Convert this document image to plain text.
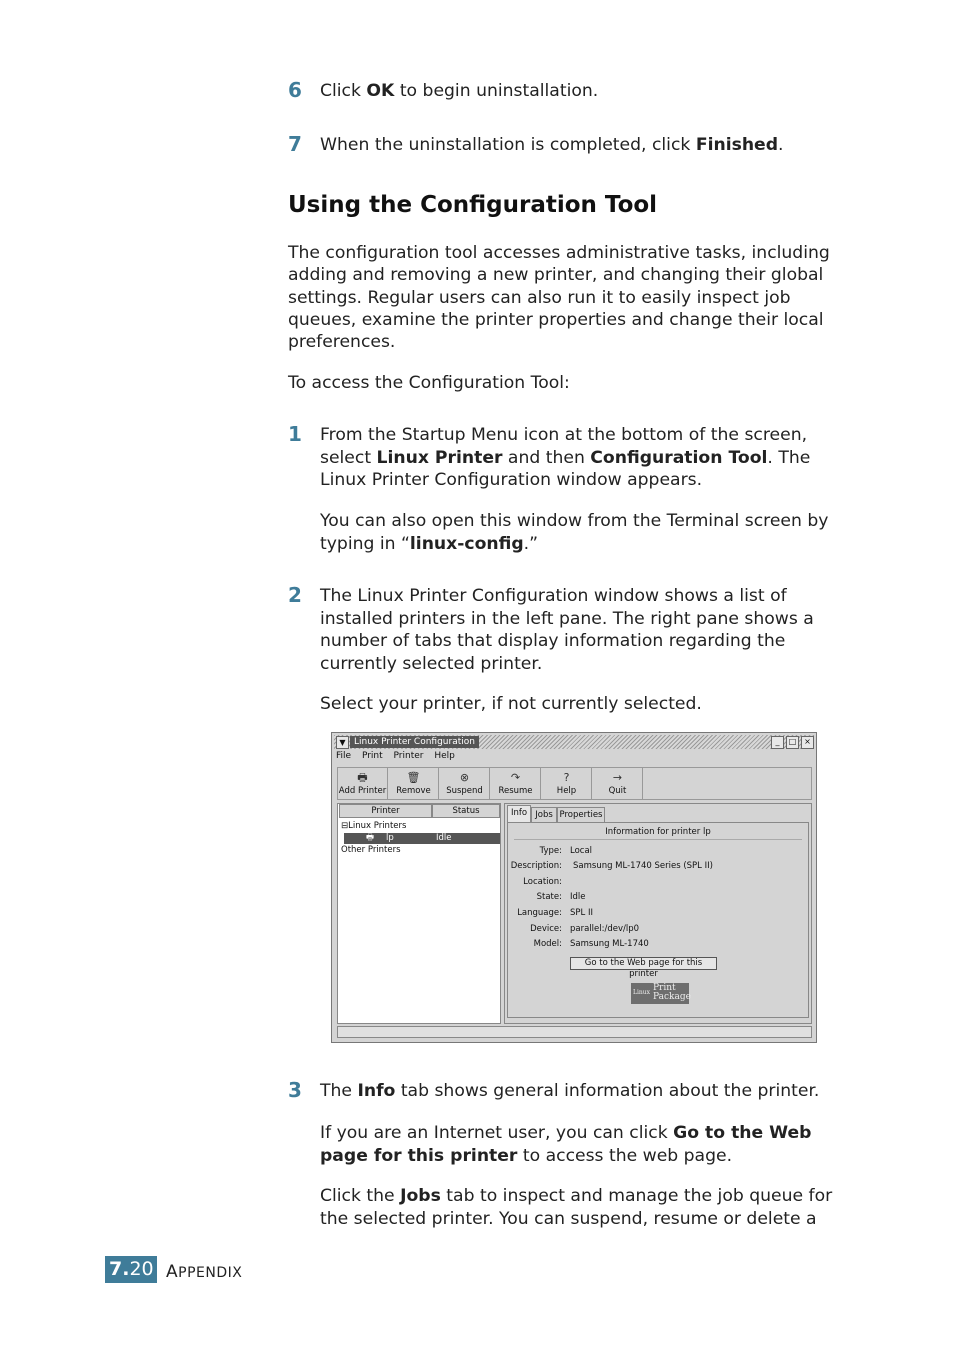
6 Click OK to begin uninstallation.
7 When the uninstallation is completed, click Finished.
Using the Configuration Tool
The configuration tool accesses administrative tasks, including adding and removing a new printer, and changing their global settings. Regular users can also run it to easily inspect job queues, examine the printer properties and change their local preferences.
To access the Configuration Tool:
1 From the Startup Menu icon at the bottom of the screen, select Linux Printer and then Configuration Tool. The Linux Printer Configuration window appears.
You can also open this window from the Terminal screen by typing in “linux-config.”
2 The Linux Printer Configuration window shows a list of installed printers in the left pane. The right pane shows a number of tabs that display information regarding the currently selected printer.
Select your printer, if not currently selected.
▼ Linux Printer Configuration	_	□ ×
File Print Printer Help
🖶
Add Printer
🗑
Remove
⊗
Suspend
↷
Resume
?
Help
→
Quit
Printer	Status
⊟Linux Printers
🖶 lp	Idle
Other Printers
Info Jobs Properties
Information for printer lp
Type: Local
Description: Samsung ML-1740 Series (SPL II)
Location:
State: Idle
Language: SPL II
Device: parallel:/dev/lp0
Model: Samsung ML-1740
Go to the Web page for this printer
Linux Print
Package
3 The Info tab shows general information about the printer.
If you are an Internet user, you can click Go to the Web page for this printer to access the web page.
Click the Jobs tab to inspect and manage the job queue for the selected printer. You can suspend, resume or delete a
7.20 APPENDIX
